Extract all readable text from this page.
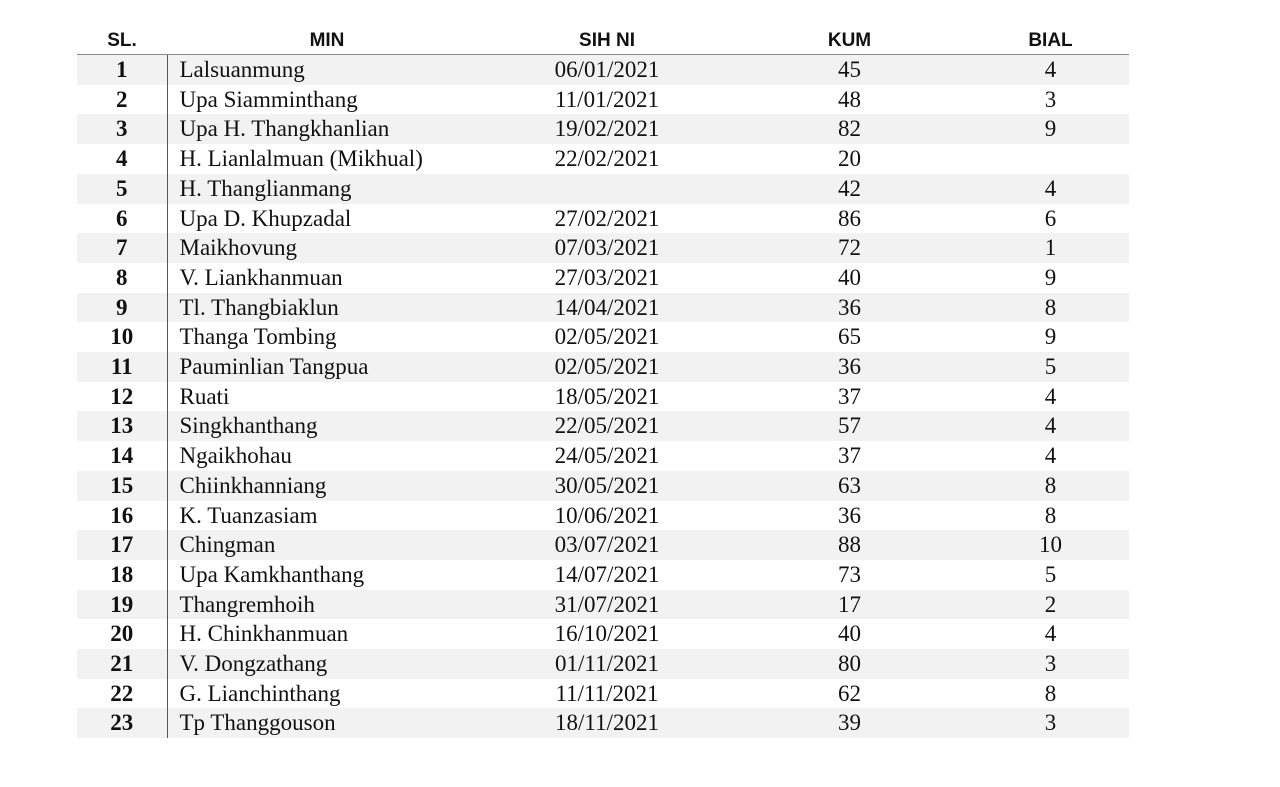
SL.	MIN	SIH NI	KUM	BIAL
1	Lalsuanmung	06/01/2021	45	4
2	Upa Siamminthang	11/01/2021	48	3
3	Upa H. Thangkhanlian	19/02/2021	82	9
4	H. Lianlalmuan (Mikhual)	22/02/2021	20	
5	H. Thanglianmang		42	4
6	Upa D. Khupzadal	27/02/2021	86	6
7	Maikhovung	07/03/2021	72	1
8	V. Liankhanmuan	27/03/2021	40	9
9	Tl. Thangbiaklun	14/04/2021	36	8
10	Thanga Tombing	02/05/2021	65	9
11	Pauminlian Tangpua	02/05/2021	36	5
12	Ruati	18/05/2021	37	4
13	Singkhanthang	22/05/2021	57	4
14	Ngaikhohau	24/05/2021	37	4
15	Chiinkhanniang	30/05/2021	63	8
16	K. Tuanzasiam	10/06/2021	36	8
17	Chingman	03/07/2021	88	10
18	Upa Kamkhanthang	14/07/2021	73	5
19	Thangremhoih	31/07/2021	17	2
20	H. Chinkhanmuan	16/10/2021	40	4
21	V. Dongzathang	01/11/2021	80	3
22	G. Lianchinthang	11/11/2021	62	8
23	Tp Thanggouson	18/11/2021	39	3
